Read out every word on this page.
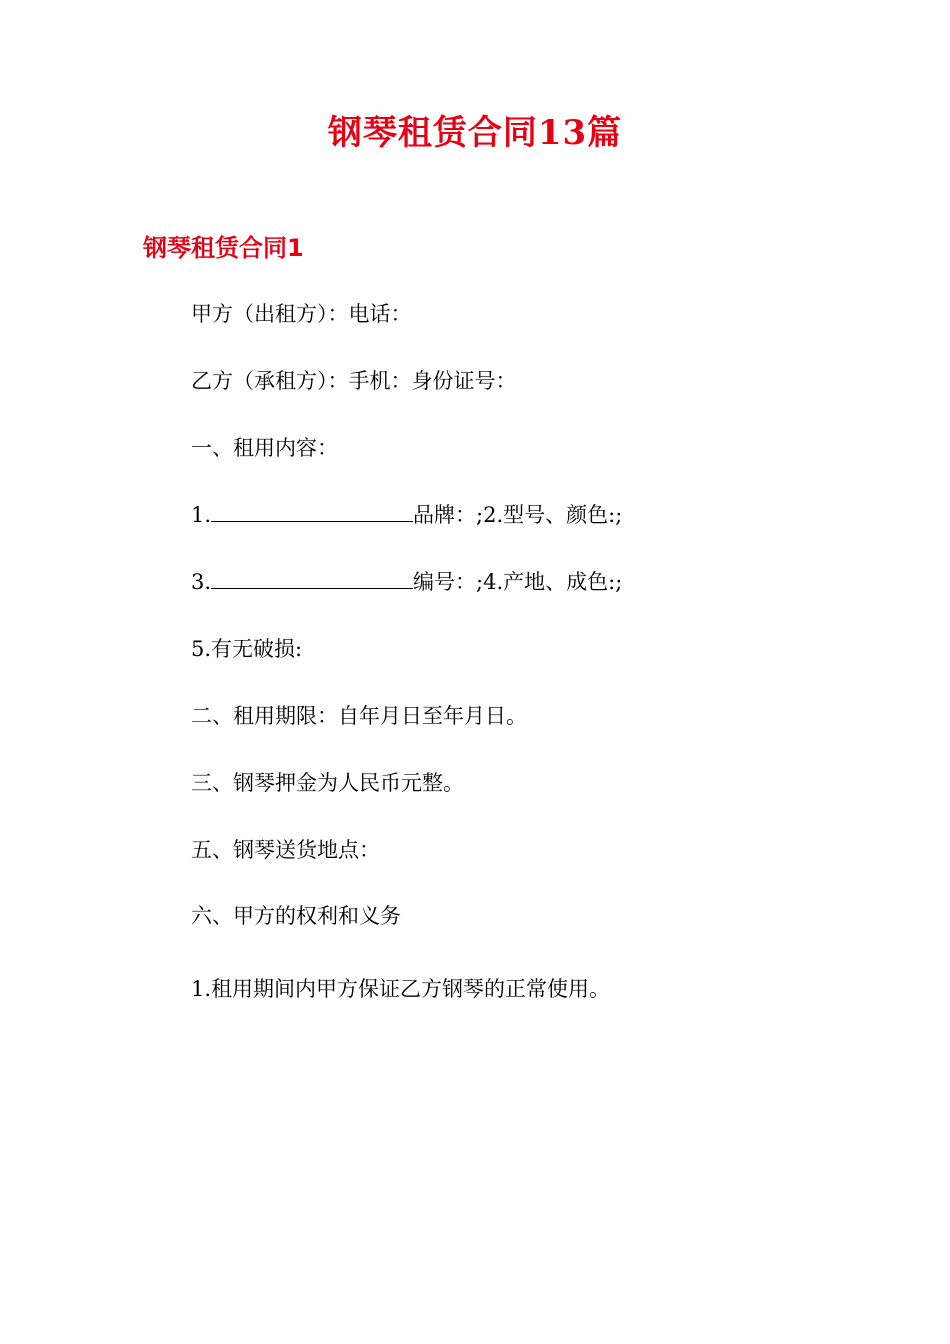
钢琴租赁合同13篇
钢琴租赁合同1
甲方（出租方）：电话：
乙方（承租方）：手机：身份证号：
一、租用内容：
1.	品牌：;2.型号、颜色:;
3.	编号：;4.产地、成色:;
5.有无破损:
二、租用期限：自年月日至年月日。
三、钢琴押金为人民币元整。
五、钢琴送货地点：
六、甲方的权利和义务
1.租用期间内甲方保证乙方钢琴的正常使用。
